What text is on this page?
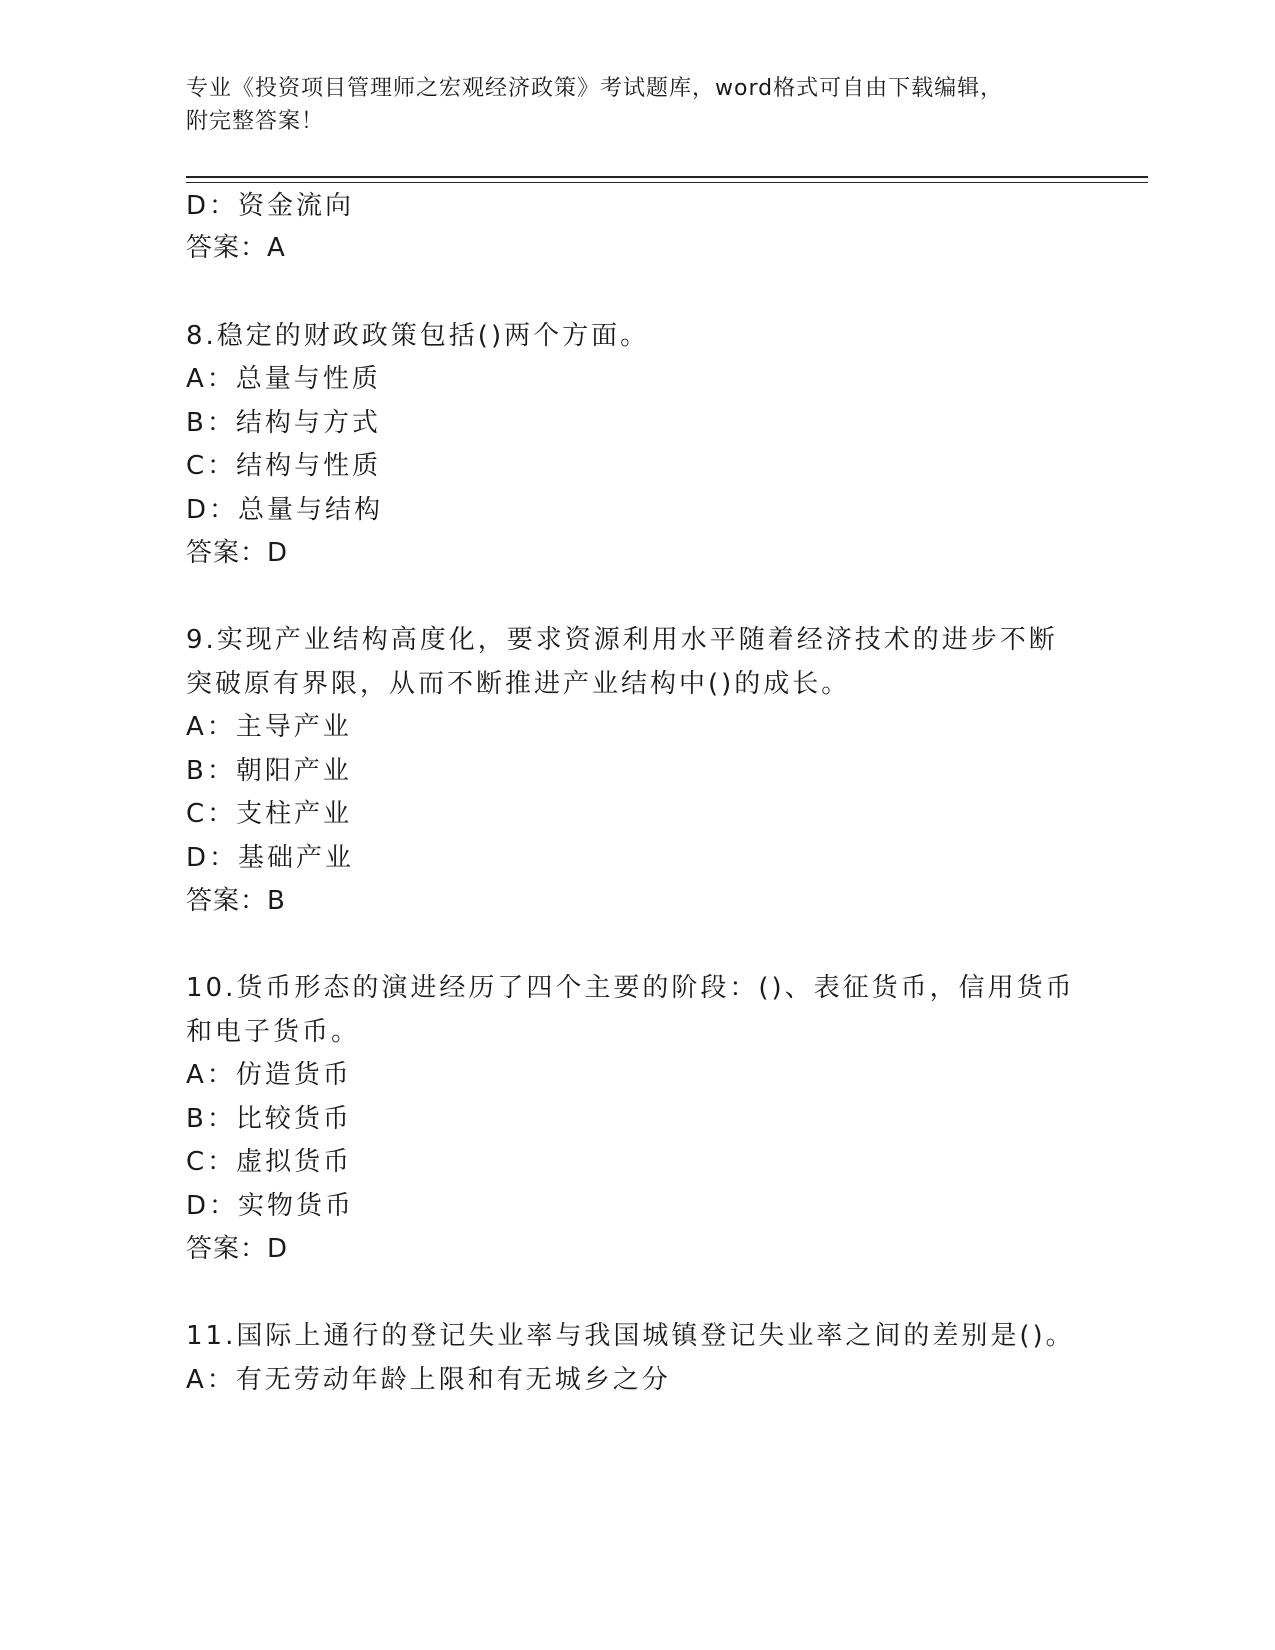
专业《投资项目管理师之宏观经济政策》考试题库，word格式可自由下载编辑，
附完整答案！
D：资金流向
答案：A
8.稳定的财政政策包括()两个方面。
A：总量与性质
B：结构与方式
C：结构与性质
D：总量与结构
答案：D
9.实现产业结构高度化，要求资源利用水平随着经济技术的进步不断
突破原有界限，从而不断推进产业结构中()的成长。
A：主导产业
B：朝阳产业
C：支柱产业
D：基础产业
答案：B
10.货币形态的演进经历了四个主要的阶段：()、表征货币，信用货币
和电子货币。
A：仿造货币
B：比较货币
C：虚拟货币
D：实物货币
答案：D
11.国际上通行的登记失业率与我国城镇登记失业率之间的差别是()。
A：有无劳动年龄上限和有无城乡之分
